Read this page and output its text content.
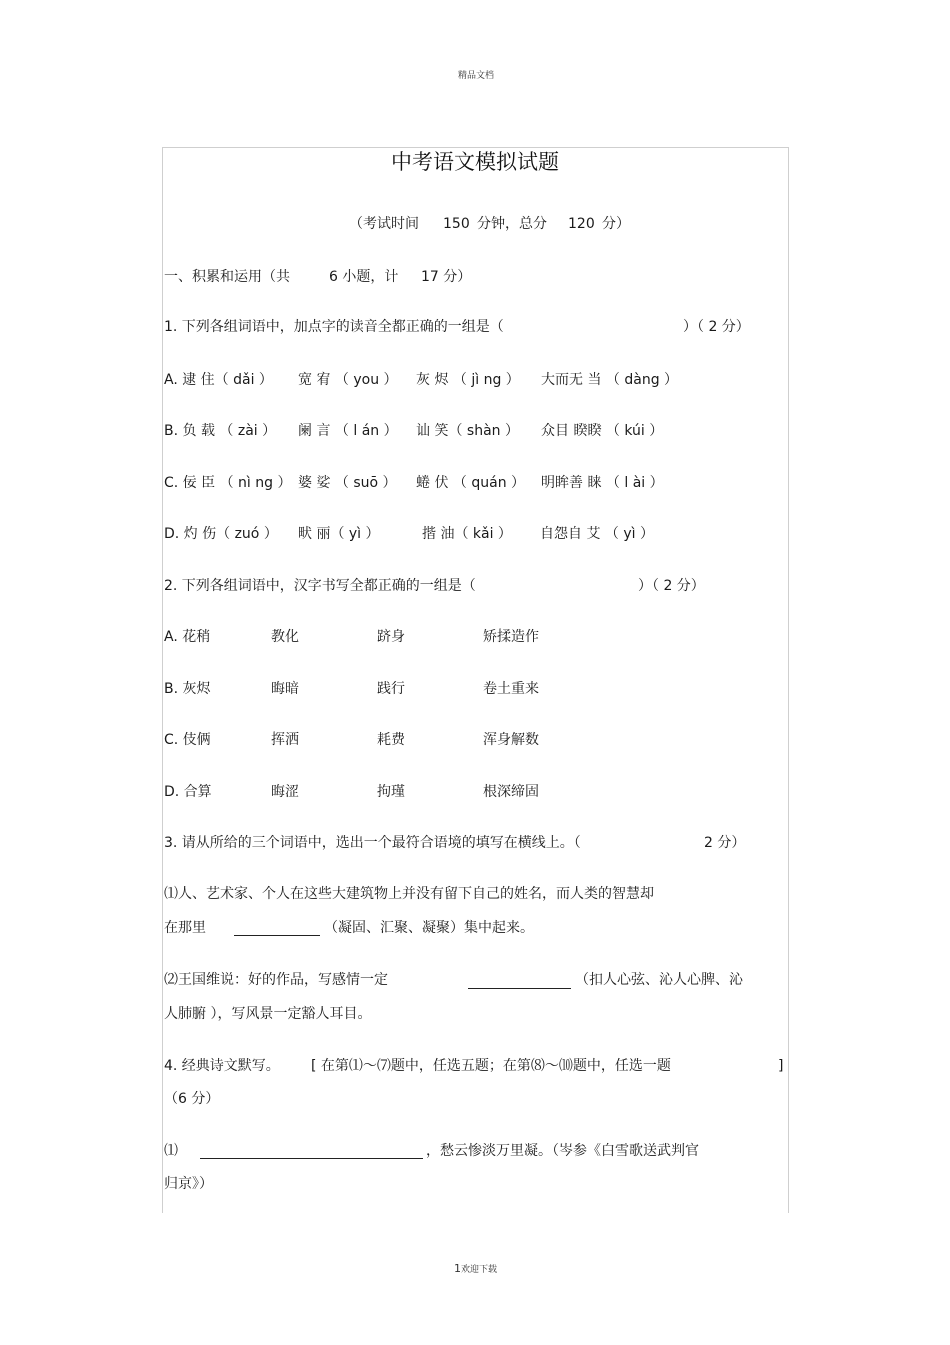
精品文档
中考语文模拟试题
（考试时间 150 分钟，总分 120 分）
一、积累和运用（共	6 小题，计 17 分）
1. 下列各组词语中，加点字的读音全都正确的一组是（	）（ 2 分）
A. 逮 住（ dǎi ） 宽 宥 （ you ） 灰 烬 （ jì ng ） 大而无 当 （ dàng ）
B. 负 载 （ zài ） 阑 言 （ l án ） 讪 笑（ shàn ） 众目 睽睽 （ kúi ）
C. 佞 臣 （ nì ng ） 婆 娑 （ suō ） 蜷 伏 （ quán ） 明眸善 睐 （ l ài ）
D. 灼 伤（ zuó ） 畎 丽（ yì ）	揩 油（ kǎi ） 自怨自 艾 （ yì ）
2. 下列各组词语中，汉字书写全都正确的一组是（	）（ 2 分）
A. 花稍	教化	跻身	矫揉造作
B. 灰烬	晦暗	践行	卷土重来
C. 伎俩	挥洒	耗费	浑身解数
D. 合算	晦涩	拘瑾	根深缔固
3. 请从所给的三个词语中，选出一个最符合语境的填写在横线上。（	2 分）
⑴人、艺术家、个人在这些大建筑物上并没有留下自己的姓名，而人类的智慧却
在那里	（凝固、汇聚、凝聚）集中起来。
⑵王国维说：好的作品，写感情一定	（扣人心弦、沁人心脾、沁
人肺腑 ），写风景一定豁人耳目。
4. 经典诗文默写。 [ 在第⑴～⑺题中，任选五题；在第⑻～⑽题中，任选一题	]
（6 分）
⑴	，愁云惨淡万里凝。（岑参《白雪歌送武判官
归京》）
1欢迎下载
